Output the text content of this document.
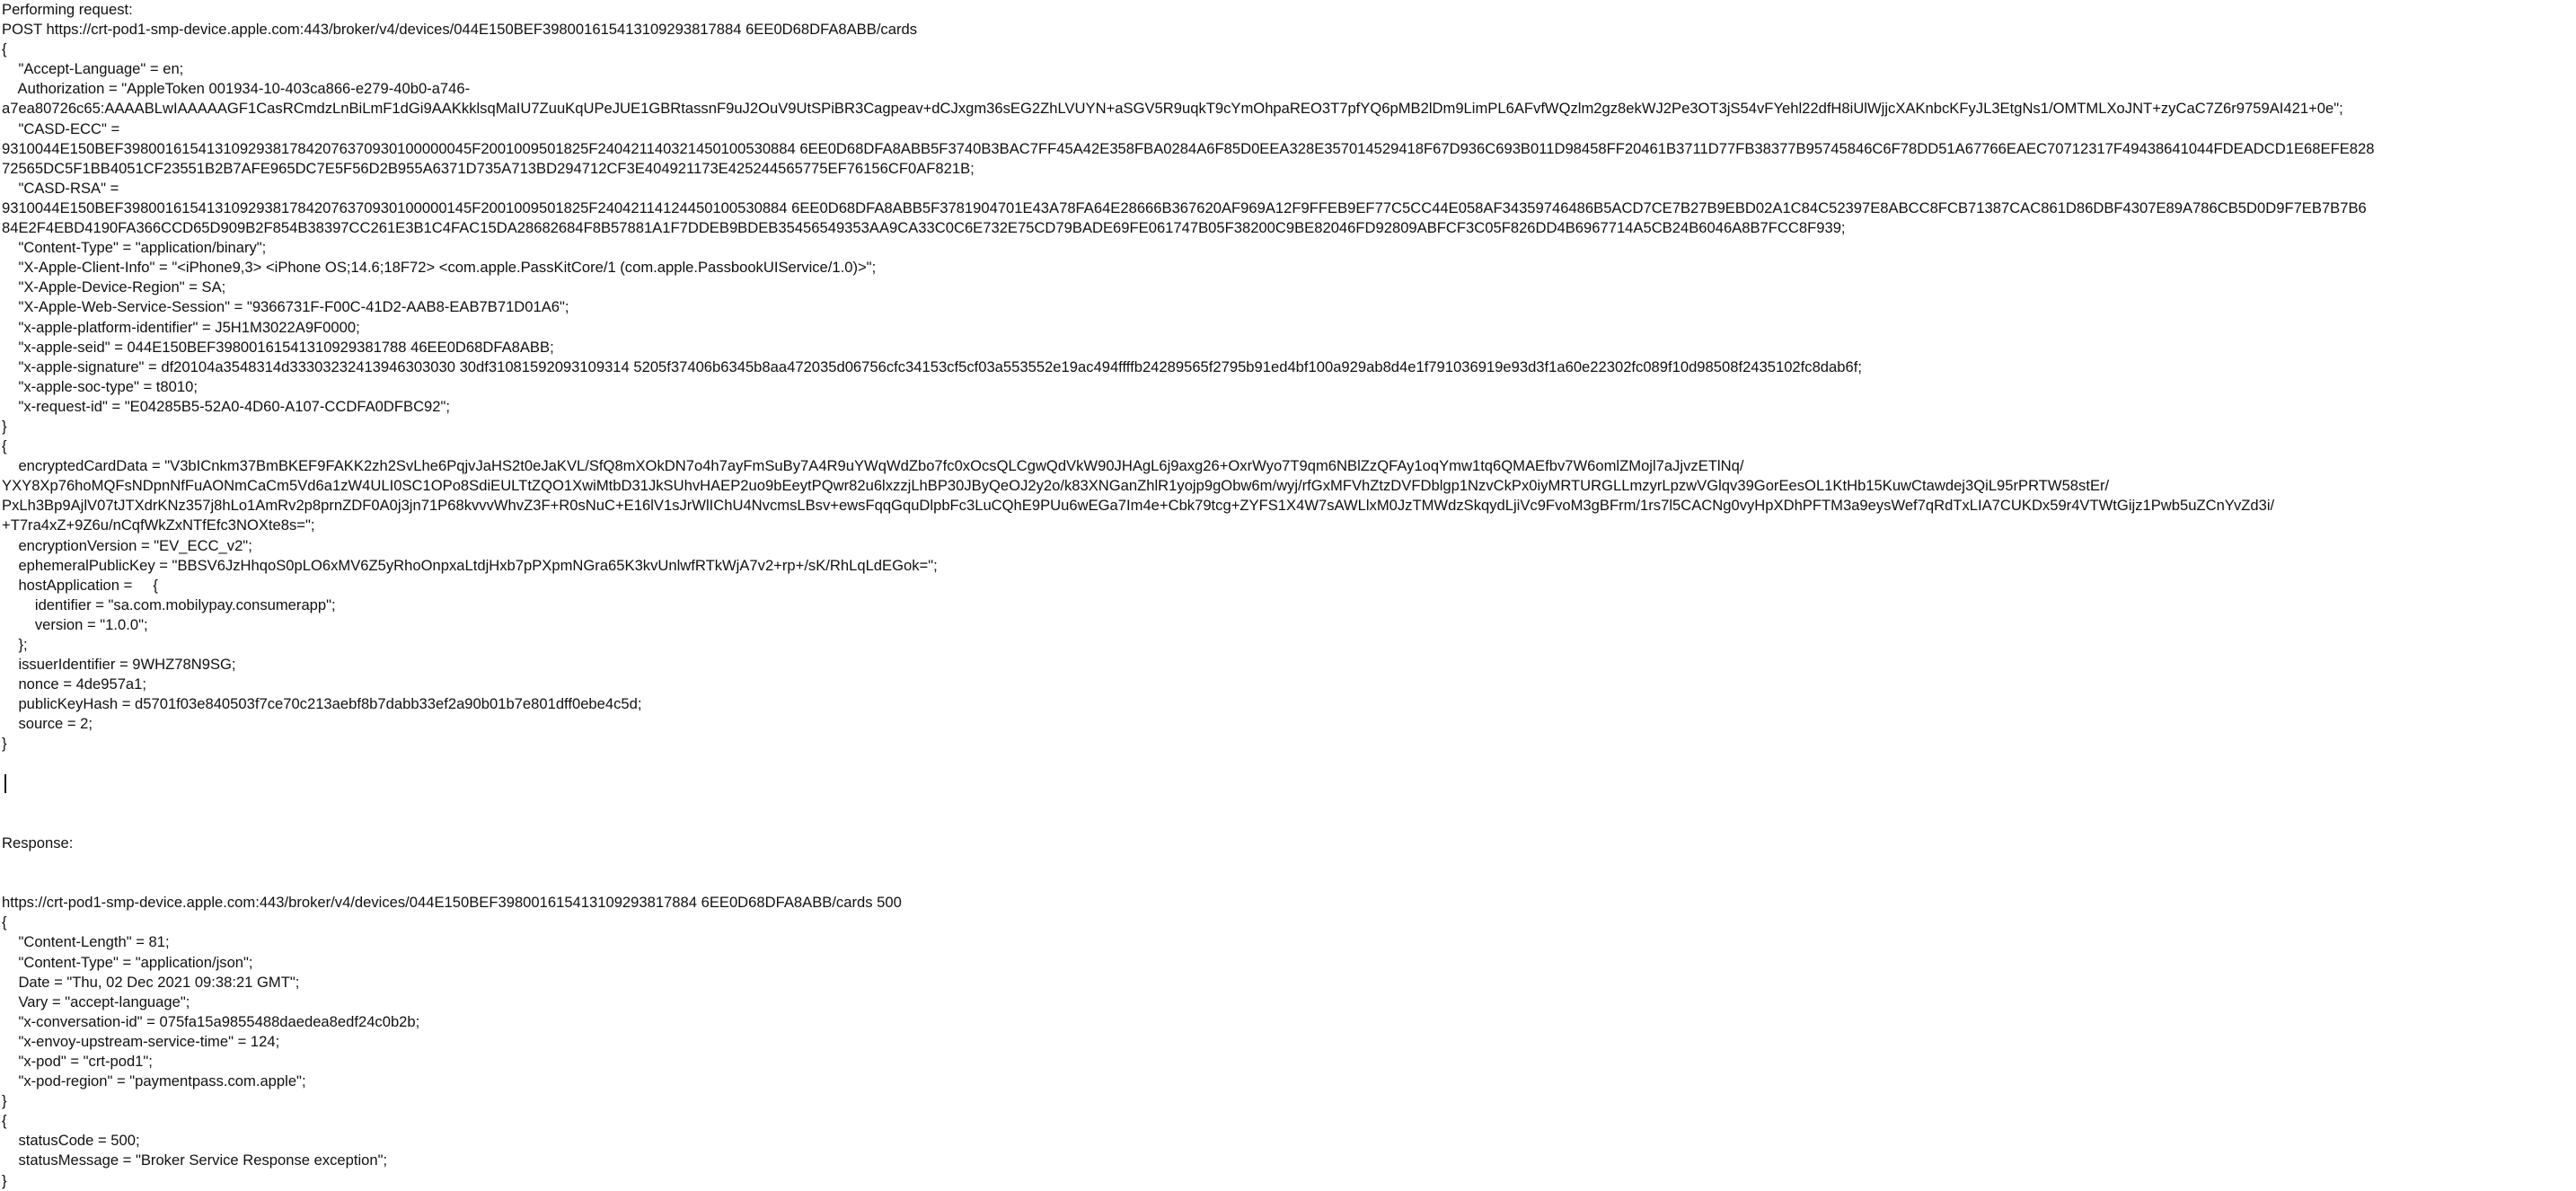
Performing request:
POST https://crt-pod1-smp-device.apple.com:443/broker/v4/devices/044E150BEF398001615413109293817884 6EE0D68DFA8ABB/cards
{
"Accept-Language" = en;
Authorization = "AppleToken 001934-10-403ca866-e279-40b0-a746-
a7ea80726c65:AAAABLwIAAAAAGF1CasRCmdzLnBiLmF1dGi9AAKkklsqMaIU7ZuuKqUPeJUE1GBRtassnF9uJ2OuV9UtSPiBR3Cagpeav+dCJxgm36sEG2ZhLVUYN+aSGV5R9uqkT9cYmOhpaREO3T7pfYQ6pMB2lDm9LimPL6AFvfWQzlm2gz8ekWJ2Pe3OT3jS54vFYehl22dfH8iUlWjjcXAKnbcKFyJL3EtgNs1/OMTMLXoJNT+zyCaC7Z6r9759AI421+0e";
"CASD-ECC" =
9310044E150BEF398001615413109293817842076370930100000045F2001009501825F240421140321450100530884 6EE0D68DFA8ABB5F3740B3BAC7FF45A42E358FBA0284A6F85D0EEA328E357014529418F67D936C693B011D98458FF20461B3711D77FB38377B95745846C6F78DD51A67766EAEC70712317F49438641044FDEADCD1E68EFE828
72565DC5F1BB4051CF23551B2B7AFE965DC7E5F56D2B955A6371D735A713BD294712CF3E404921173E425244565775EF76156CF0AF821B;
"CASD-RSA" =
9310044E150BEF398001615413109293817842076370930100000145F2001009501825F24042114124450100530884 6EE0D68DFA8ABB5F3781904701E43A78FA64E28666B367620AF969A12F9FFEB9EF77C5CC44E058AF34359746486B5ACD7CE7B27B9EBD02A1C84C52397E8ABCC8FCB71387CAC861D86DBF4307E89A786CB5D0D9F7EB7B7B6
84E2F4EBD4190FA366CCD65D909B2F854B38397CC261E3B1C4FAC15DA28682684F8B57881A1F7DDEB9BDEB35456549353AA9CA33C0C6E732E75CD79BADE69FE061747B05F38200C9BE82046FD92809ABFCF3C05F826DD4B6967714A5CB24B6046A8B7FCC8F939;
"Content-Type" = "application/binary";
"X-Apple-Client-Info" = "<iPhone9,3> <iPhone OS;14.6;18F72> <com.apple.PassKitCore/1 (com.apple.PassbookUIService/1.0)>";
"X-Apple-Device-Region" = SA;
"X-Apple-Web-Service-Session" = "9366731F-F00C-41D2-AAB8-EAB7B71D01A6";
"x-apple-platform-identifier" = J5H1M3022A9F0000;
"x-apple-seid" = 044E150BEF39800161541310929381788 46EE0D68DFA8ABB;
"x-apple-signature" = df20104a3548314d33303232413946303030 30df31081592093109314 5205f37406b6345b8aa472035d06756cfc34153cf5cf03a553552e19ac494ffffb24289565f2795b91ed4bf100a929ab8d4e1f791036919e93d3f1a60e22302fc089f10d98508f2435102fc8dab6f;
"x-apple-soc-type" = t8010;
"x-request-id" = "E04285B5-52A0-4D60-A107-CCDFA0DFBC92";
}
{
encryptedCardData = "V3bICnkm37BmBKEF9FAKK2zh2SvLhe6PqjvJaHS2t0eJaKVL/SfQ8mXOkDN7o4h7ayFmSuBy7A4R9uYWqWdZbo7fc0xOcsQLCgwQdVkW90JHAgL6j9axg26+OxrWyo7T9qm6NBlZzQFAy1oqYmw1tq6QMAEfbv7W6omlZMojl7aJjvzETlNq/
YXY8Xp76hoMQFsNDpnNfFuAONmCaCm5Vd6a1zW4ULI0SC1OPo8SdiEULTtZQO1XwiMtbD31JkSUhvHAEP2uo9bEeytPQwr82u6lxzzjLhBP30JByQeOJ2y2o/k83XNGanZhlR1yojp9gObw6m/wyj/rfGxMFVhZtzDVFDblgp1NzvCkPx0iyMRTURGLLmzyrLpzwVGlqv39GorEesOL1KtHb15KuwCtawdej3QiL95rPRTW58stEr/
PxLh3Bp9AjlV07tJTXdrKNz357j8hLo1AmRv2p8prnZDF0A0j3jn71P68kvvvWhvZ3F+R0sNuC+E16lV1sJrWlIChU4NvcmsLBsv+ewsFqqGquDlpbFc3LuCQhE9PUu6wEGa7Im4e+Cbk79tcg+ZYFS1X4W7sAWLlxM0JzTMWdzSkqydLjiVc9FvoM3gBFrm/1rs7l5CACNg0vyHpXDhPFTM3a9eysWef7qRdTxLIA7CUKDx59r4VTWtGijz1Pwb5uZCnYvZd3i/
+T7ra4xZ+9Z6u/nCqfWkZxNTfEfc3NOXte8s=";
encryptionVersion = "EV_ECC_v2";
ephemeralPublicKey = "BBSV6JzHhqoS0pLO6xMV6Z5yRhoOnpxaLtdjHxb7pPXpmNGra65K3kvUnlwfRTkWjA7v2+rp+/sK/RhLqLdEGok=";
hostApplication =     {
identifier = "sa.com.mobilypay.consumerapp";
version = "1.0.0";
};
issuerIdentifier = 9WHZ78N9SG;
nonce = 4de957a1;
publicKeyHash = d5701f03e840503f7ce70c213aebf8b7dabb33ef2a90b01b7e801dff0ebe4c5d;
source = 2;
}
Response:
https://crt-pod1-smp-device.apple.com:443/broker/v4/devices/044E150BEF398001615413109293817884 6EE0D68DFA8ABB/cards 500
{
"Content-Length" = 81;
"Content-Type" = "application/json";
Date = "Thu, 02 Dec 2021 09:38:21 GMT";
Vary = "accept-language";
"x-conversation-id" = 075fa15a9855488daedea8edf24c0b2b;
"x-envoy-upstream-service-time" = 124;
"x-pod" = "crt-pod1";
"x-pod-region" = "paymentpass.com.apple";
}
{
statusCode = 500;
statusMessage = "Broker Service Response exception";
}
